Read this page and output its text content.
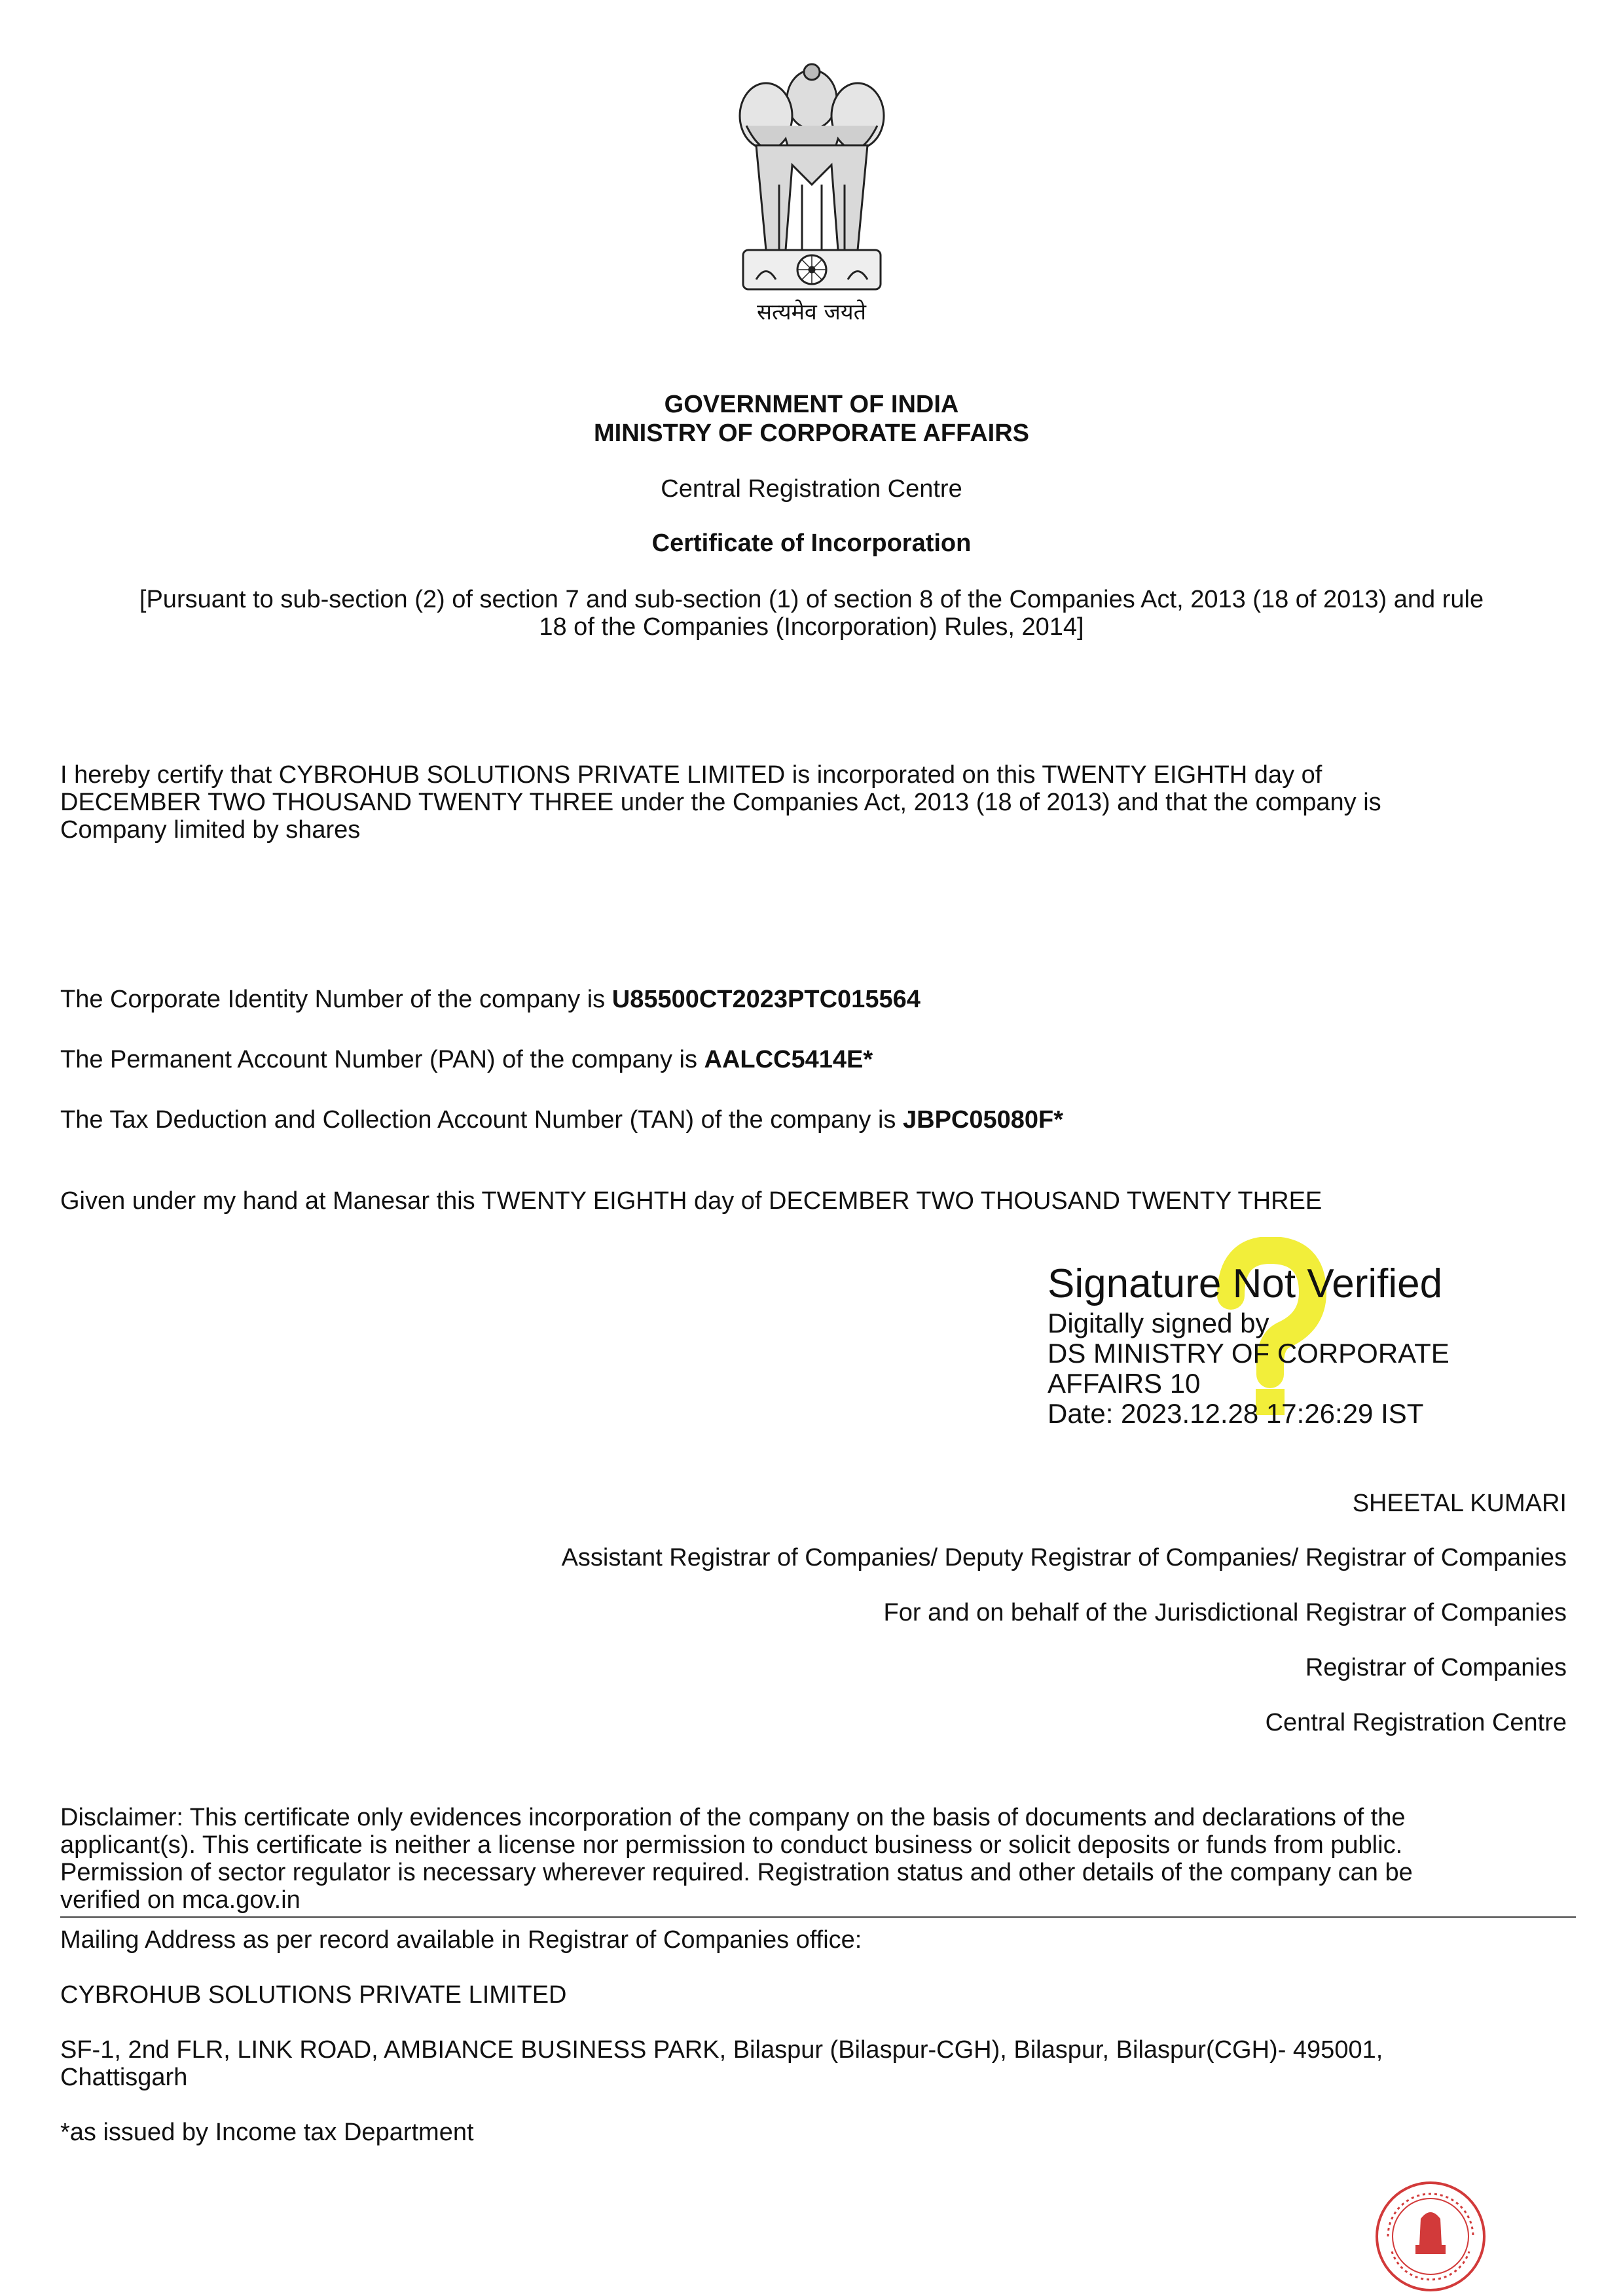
सत्यमेव जयते
GOVERNMENT OF INDIA
MINISTRY OF CORPORATE AFFAIRS
Central Registration Centre
Certificate of Incorporation
[Pursuant to sub-section (2) of section 7 and sub-section (1) of section 8 of the Companies Act, 2013 (18 of 2013) and rule
18 of the Companies (Incorporation) Rules, 2014]
I hereby certify that CYBROHUB SOLUTIONS PRIVATE LIMITED is incorporated on this TWENTY EIGHTH day of
DECEMBER TWO THOUSAND TWENTY THREE under the Companies Act, 2013 (18 of 2013) and that the company is
Company limited by shares
The Corporate Identity Number of the company is U85500CT2023PTC015564
The Permanent Account Number (PAN) of the company is AALCC5414E*
The Tax Deduction and Collection Account Number (TAN) of the company is JBPC05080F*
Given under my hand at Manesar this TWENTY EIGHTH day of DECEMBER TWO THOUSAND TWENTY THREE
Signature Not Verified
Digitally signed by
DS MINISTRY OF CORPORATE
AFFAIRS 10
Date: 2023.12.28 17:26:29 IST
SHEETAL KUMARI
Assistant Registrar of Companies/ Deputy Registrar of Companies/ Registrar of Companies
For and on behalf of the Jurisdictional Registrar of Companies
Registrar of Companies
Central Registration Centre
Disclaimer: This certificate only evidences incorporation of the company on the basis of documents and declarations of the
applicant(s). This certificate is neither a license nor permission to conduct business or solicit deposits or funds from public.
Permission of sector regulator is necessary wherever required. Registration status and other details of the company can be
verified on mca.gov.in
Mailing Address as per record available in Registrar of Companies office:
CYBROHUB SOLUTIONS PRIVATE LIMITED
SF-1, 2nd FLR, LINK ROAD, AMBIANCE BUSINESS PARK, Bilaspur (Bilaspur-CGH), Bilaspur, Bilaspur(CGH)- 495001,
Chattisgarh
*as issued by Income tax Department
